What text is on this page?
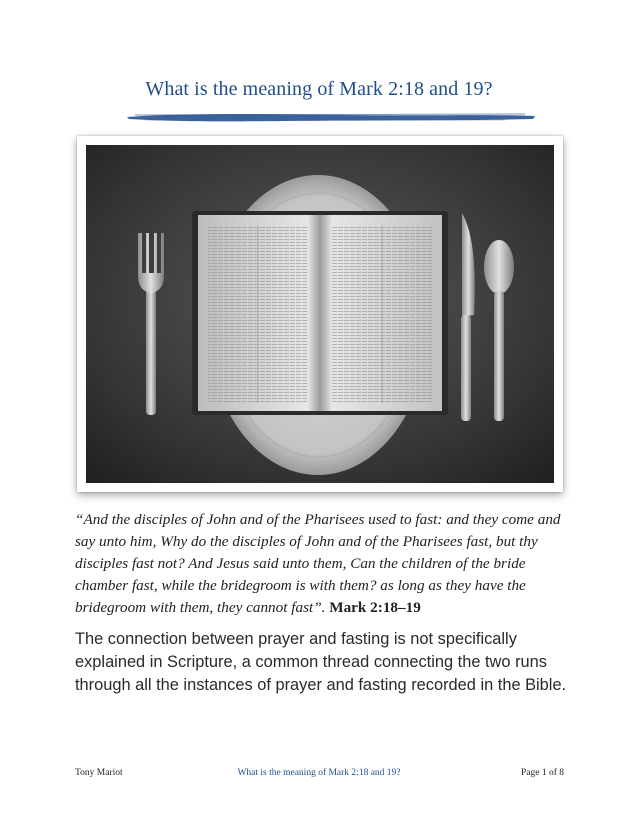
What is the meaning of Mark 2:18 and 19?
“And the disciples of John and of the Pharisees used to fast: and they come and say unto him, Why do the disciples of John and of the Pharisees fast, but thy disciples fast not? And Jesus said unto them, Can the children of the bride chamber fast, while the bridegroom is with them? as long as they have the bridegroom with them, they cannot fast”. Mark 2:18–19
The connection between prayer and fasting is not specifically explained in Scripture, a common thread connecting the two runs through all the instances of prayer and fasting recorded in the Bible.
Tony Mariot	What is the meaning of Mark 2:18 and 19?	Page 1 of 8
